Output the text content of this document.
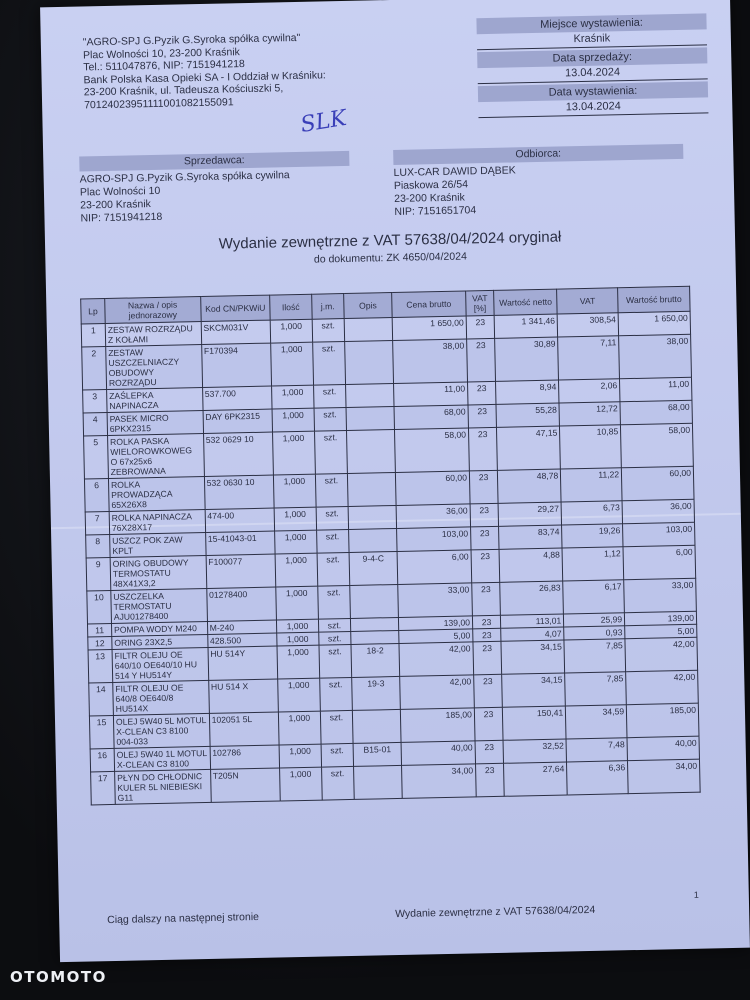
"AGRO-SPJ G.Pyzik G.Syroka spółka cywilna"
Plac Wolności 10, 23-200 Kraśnik
Tel.: 511047876, NIP: 7151941218
Bank Polska Kasa Opieki SA - I Oddział w Kraśniku:
23-200 Kraśnik, ul. Tadeusza Kościuszki 5,
70124023951111001082155091
Miejsce wystawienia:
Kraśnik
Data sprzedaży:
13.04.2024
Data wystawienia:
13.04.2024
SLK
Sprzedawca:
AGRO-SPJ G.Pyzik G.Syroka spółka cywilna
Plac Wolności 10
23-200 Kraśnik
NIP: 7151941218
Odbiorca:
LUX-CAR DAWID DĄBEK
Piaskowa 26/54
23-200 Kraśnik
NIP: 7151651704
Wydanie zewnętrzne z VAT 57638/04/2024 oryginał
do dokumentu: ZK 4650/04/2024
Lp	Nazwa / opis jednorazowy	Kod CN/PKWiU	Ilość	j.m.	Opis	Cena brutto	VAT [%]	Wartość netto	VAT	Wartość brutto
1	ZESTAW ROZRZĄDU Z KOŁAMI	SKCM031V	1,000	szt.		1 650,00	23	1 341,46	308,54	1 650,00
2	ZESTAW USZCZELNIACZY OBUDOWY ROZRZĄDU	F170394	1,000	szt.		38,00	23	30,89	7,11	38,00
3	ZAŚLEPKA NAPINACZA	537.700	1,000	szt.		11,00	23	8,94	2,06	11,00
4	PASEK MICRO 6PKX2315	DAY 6PK2315	1,000	szt.		68,00	23	55,28	12,72	68,00
5	ROLKA PASKA WIELOROWKOWEG O 67x25x6 ZEBROWANA	532 0629 10	1,000	szt.		58,00	23	47,15	10,85	58,00
6	ROLKA PROWADZĄCA 65X26X8	532 0630 10	1,000	szt.		60,00	23	48,78	11,22	60,00
7	ROLKA NAPINACZA 76X28X17	474-00	1,000	szt.		36,00	23	29,27	6,73	36,00
8	USZCZ POK ZAW KPLT	15-41043-01	1,000	szt.		103,00	23	83,74	19,26	103,00
9	ORING OBUDOWY TERMOSTATU 48X41X3,2	F100077	1,000	szt.	9-4-C	6,00	23	4,88	1,12	6,00
10	USZCZELKA TERMOSTATU AJU01278400	01278400	1,000	szt.		33,00	23	26,83	6,17	33,00
11	POMPA WODY M240	M-240	1,000	szt.		139,00	23	113,01	25,99	139,00
12	ORING 23X2,5	428.500	1,000	szt.		5,00	23	4,07	0,93	5,00
13	FILTR OLEJU OE 640/10 OE640/10 HU 514 Y HU514Y	HU 514Y	1,000	szt.	18-2	42,00	23	34,15	7,85	42,00
14	FILTR OLEJU OE 640/8 OE640/8 HU514X	HU 514 X	1,000	szt.	19-3	42,00	23	34,15	7,85	42,00
15	OLEJ 5W40 5L MOTUL X-CLEAN C3 8100 004-033	102051 5L	1,000	szt.		185,00	23	150,41	34,59	185,00
16	OLEJ 5W40 1L MOTUL X-CLEAN C3 8100	102786	1,000	szt.	B15-01	40,00	23	32,52	7,48	40,00
17	PŁYN DO CHŁODNIC KULER 5L NIEBIESKI G11	T205N	1,000	szt.		34,00	23	27,64	6,36	34,00
1
Ciąg dalszy na następnej stronie	Wydanie zewnętrzne z VAT 57638/04/2024
OTOMOTO
